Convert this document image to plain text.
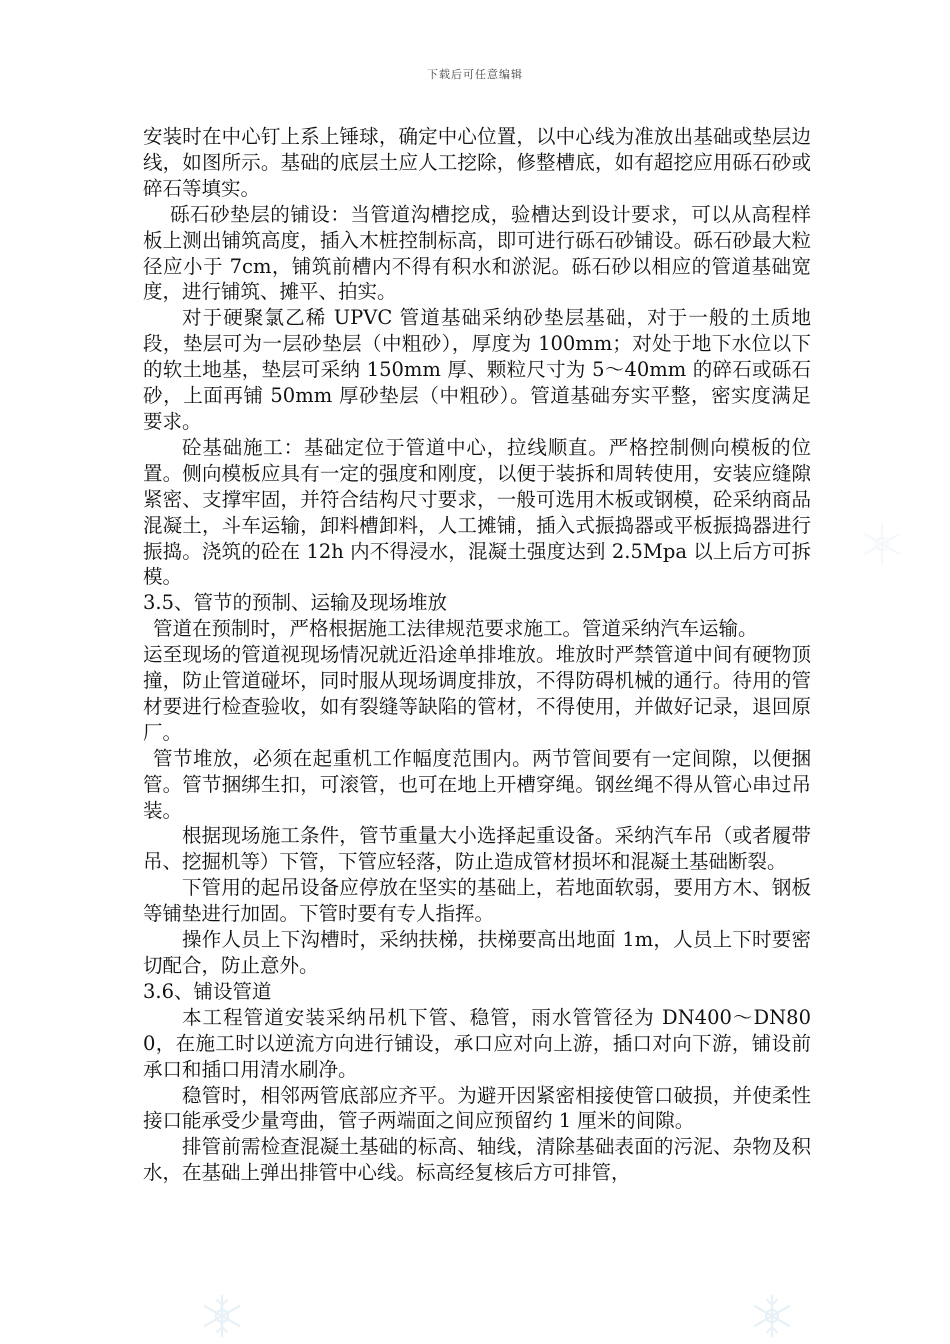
下载后可任意编辑

安装时在中心钉上系上锤球，确定中心位置，以中心线为准放出基础或垫层边线，如图所示。基础的底层土应人工挖除，修整槽底，如有超挖应用砾石砂或碎石等填实。

砾石砂垫层的铺设：当管道沟槽挖成，验槽达到设计要求，可以从高程样板上测出铺筑高度，插入木桩控制标高，即可进行砾石砂铺设。砾石砂最大粒径应小于 7cm，铺筑前槽内不得有积水和淤泥。砾石砂以相应的管道基础宽度，进行铺筑、摊平、拍实。

对于硬聚氯乙稀 UPVC 管道基础采纳砂垫层基础，对于一般的土质地段，垫层可为一层砂垫层（中粗砂），厚度为 100mm；对处于地下水位以下的软土地基，垫层可采纳 150mm 厚、颗粒尺寸为 5～40mm 的碎石或砾石砂，上面再铺 50mm 厚砂垫层（中粗砂）。管道基础夯实平整，密实度满足要求。

砼基础施工：基础定位于管道中心，拉线顺直。严格控制侧向模板的位置。侧向模板应具有一定的强度和刚度，以便于装拆和周转使用，安装应缝隙紧密、支撑牢固，并符合结构尺寸要求，一般可选用木板或钢模，砼采纳商品混凝土，斗车运输，卸料槽卸料，人工摊铺，插入式振捣器或平板振捣器进行振捣。浇筑的砼在 12h 内不得浸水，混凝土强度达到 2.5Mpa 以上后方可拆模。

3.5、管节的预制、运输及现场堆放

管道在预制时，严格根据施工法律规范要求施工。管道采纳汽车运输。

运至现场的管道视现场情况就近沿途单排堆放。堆放时严禁管道中间有硬物顶撞，防止管道碰坏，同时服从现场调度排放，不得防碍机械的通行。待用的管材要进行检查验收，如有裂缝等缺陷的管材，不得使用，并做好记录，退回原厂。

管节堆放，必须在起重机工作幅度范围内。两节管间要有一定间隙，以便捆管。管节捆绑生扣，可滚管，也可在地上开槽穿绳。钢丝绳不得从管心串过吊装。

根据现场施工条件，管节重量大小选择起重设备。采纳汽车吊（或者履带吊、挖掘机等）下管，下管应轻落，防止造成管材损坏和混凝土基础断裂。

下管用的起吊设备应停放在坚实的基础上，若地面软弱，要用方木、钢板等铺垫进行加固。下管时要有专人指挥。

操作人员上下沟槽时，采纳扶梯，扶梯要高出地面 1m，人员上下时要密切配合，防止意外。

3.6、铺设管道

本工程管道安装采纳吊机下管、稳管，雨水管管径为 DN400～DN800，在施工时以逆流方向进行铺设，承口应对向上游，插口对向下游，铺设前承口和插口用清水刷净。

稳管时，相邻两管底部应齐平。为避开因紧密相接使管口破损，并使柔性接口能承受少量弯曲，管子两端面之间应预留约 1 厘米的间隙。

排管前需检查混凝土基础的标高、轴线，清除基础表面的污泥、杂物及积水，在基础上弹出排管中心线。标高经复核后方可排管，
